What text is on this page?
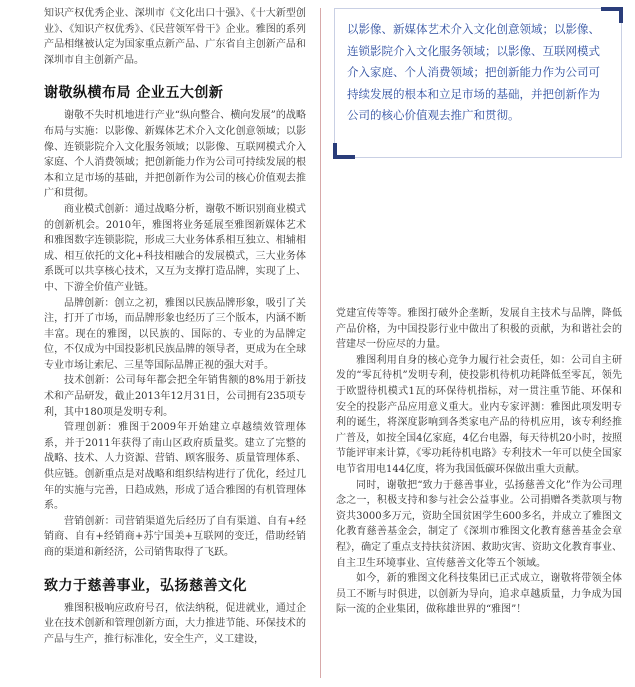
知识产权优秀企业、深圳市《文化出口十强》、《十大新型创业》、《知识产权优秀》、《民营领军骨干》企业。雅图的系列产品相继被认定为国家重点新产品、广东省自主创新产品和深圳市自主创新产品。

谢敬纵横布局 企业五大创新

谢敬不失时机地进行产业“纵向整合、横向发展”的战略布局与实施：以影像、新媒体艺术介入文化创意领域；以影像、连锁影院介入文化服务领域；以影像、互联网模式介入家庭、个人消费领域；把创新能力作为公司可持续发展的根本和立足市场的基础，并把创新作为公司的核心价值观去推广和贯彻。

商业模式创新：通过战略分析，谢敬不断识别商业模式的创新机会。2010年，雅图将业务延展至雅图新媒体艺术和雅图数字连锁影院，形成三大业务体系相互独立、相辅相成、相互依托的文化+科技相融合的发展模式，三大业务体系既可以共享核心技术，又互为支撑打造品牌，实现了上、中、下游全价值产业链。

品牌创新：创立之初，雅图以民族品牌形象，吸引了关注，打开了市场，而品牌形象也经历了三个版本，内涵不断丰富。现在的雅图，以民族的、国际的、专业的为品牌定位，不仅成为中国投影机民族品牌的领导者，更成为在全球专业市场让索尼、三星等国际品牌正视的强大对手。

技术创新：公司每年都会把全年销售额的8%用于新技术和产品研发，截止2013年12月31日，公司拥有235项专利，其中180项是发明专利。

管理创新：雅图于2009年开始建立卓越绩效管理体系，并于2011年获得了南山区政府质量奖。建立了完整的战略、技术、人力资源、营销、顾客服务、质量管理体系、供应链。创新重点是对战略和组织结构进行了优化，经过几年的实施与完善，日趋成熟，形成了适合雅图的有机管理体系。

营销创新：司营销渠道先后经历了自有渠道、自有+经销商、自有+经销商+苏宁国美+互联网的变迁，借助经销商的渠道和新经济，公司销售取得了飞跃。

致力于慈善事业，弘扬慈善文化

雅图积极响应政府号召，依法纳税，促进就业，通过企业在技术创新和管理创新方面，大力推进节能、环保技术的产品与生产，推行标准化，安全生产，义工建设，

以影像、新媒体艺术介入文化创意领域；以影像、连锁影院介入文化服务领域；以影像、互联网模式介入家庭、个人消费领域；把创新能力作为公司可持续发展的根本和立足市场的基础，并把创新作为公司的核心价值观去推广和贯彻。

党建宣传等等。雅图打破外企垄断，发展自主技术与品牌，降低产品价格，为中国投影行业中做出了积极的贡献，为和谐社会的营建尽一份应尽的力量。

雅图利用自身的核心竞争力履行社会责任，如：公司自主研发的“零瓦待机”发明专利，使投影机待机功耗降低至零瓦，领先于欧盟待机模式1瓦的环保待机指标，对一贯注重节能、环保和安全的投影产品应用意义重大。业内专家评测：雅图此项发明专利的诞生，将深度影响到各类家电产品的待机应用，该专利经推广普及，如按全国4亿家庭，4亿台电器，每天待机20小时，按照节能评审来计算，《零功耗待机电路》专利技术一年可以使全国家电节省用电144亿度，将为我国低碳环保做出重大贡献。

同时，谢敬把“致力于慈善事业，弘扬慈善文化”作为公司理念之一，积极支持和参与社会公益事业。公司捐赠各类款项与物资共3000多万元，资助全国贫困学生600多名，并成立了雅图文化教育慈善基金会，制定了《深圳市雅图文化教育慈善基金会章程》，确定了重点支持扶贫济困、救助灾害、资助文化教育事业、自主卫生环境事业、宣传慈善文化等五个领域。

如今，新的雅图文化科技集团已正式成立，谢敬将带领全体员工不断与时俱进，以创新为导向，追求卓越质量，力争成为国际一流的企业集团，做称雄世界的“雅图”！
